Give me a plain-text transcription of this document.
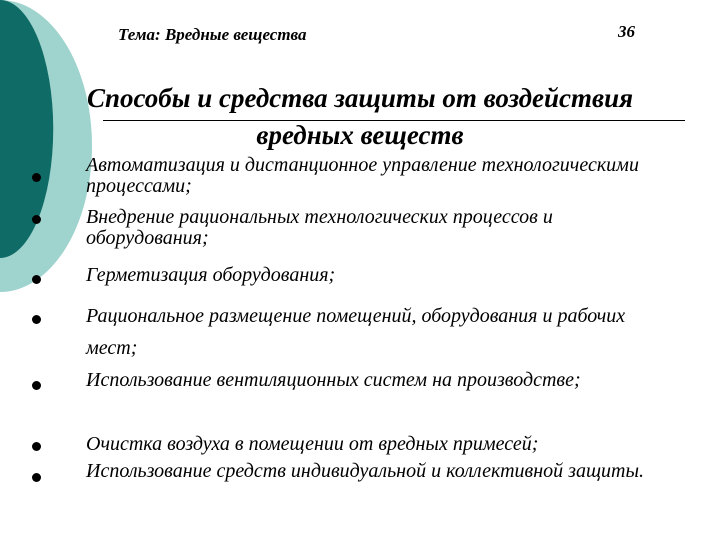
Тема: Вредные вещества	36
Способы и средства защиты от воздействия вредных веществ
Автоматизация и дистанционное управление технологическими процессами;
Внедрение рациональных технологических процессов и оборудования;
Герметизация оборудования;
Рациональное размещение помещений, оборудования и рабочих мест;
Использование вентиляционных систем на производстве;
Очистка воздуха в помещении от вредных примесей;
Использование средств индивидуальной и коллективной защиты.
